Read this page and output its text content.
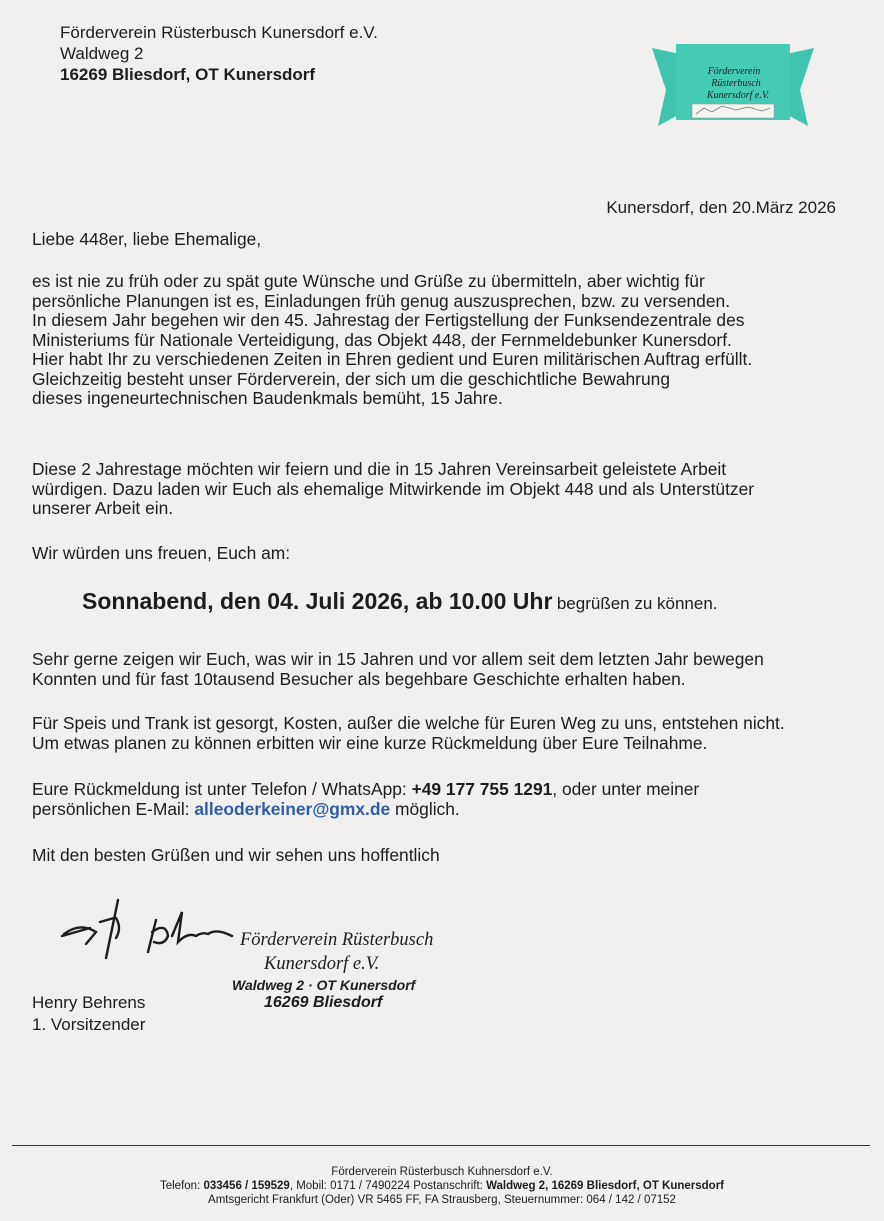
Förderverein Rüsterbusch Kunersdorf e.V.
Waldweg 2
16269 Bliesdorf, OT Kunersdorf	Förderverein
Rüsterbusch
Kunersdorf e.V.
Kunersdorf, den 20.März 2026
Liebe 448er, liebe Ehemalige,

es ist nie zu früh oder zu spät gute Wünsche und Grüße zu übermitteln, aber wichtig für

persönliche Planungen ist es, Einladungen früh genug auszusprechen, bzw. zu versenden.

In diesem Jahr begehen wir den 45. Jahrestag der Fertigstellung der Funksendezentrale des

Ministeriums für Nationale Verteidigung, das Objekt 448, der Fernmeldebunker Kunersdorf.

Hier habt Ihr zu verschiedenen Zeiten in Ehren gedient und Euren militärischen Auftrag erfüllt.

Gleichzeitig besteht unser Förderverein, der sich um die geschichtliche Bewahrung

dieses ingeneurtechnischen Baudenkmals bemüht, 15 Jahre.

Diese 2 Jahrestage möchten wir feiern und die in 15 Jahren Vereinsarbeit geleistete Arbeit

würdigen. Dazu laden wir Euch als ehemalige Mitwirkende im Objekt 448 und als Unterstützer

unserer Arbeit ein.

Wir würden uns freuen, Euch am:
Sonnabend, den 04. Juli 2026, ab 10.00 Uhr begrüßen zu können.

Sehr gerne zeigen wir Euch, was wir in 15 Jahren und vor allem seit dem letzten Jahr bewegen

Konnten und für fast 10tausend Besucher als begehbare Geschichte erhalten haben.

Für Speis und Trank ist gesorgt, Kosten, außer die welche für Euren Weg zu uns, entstehen nicht.

Um etwas planen zu können erbitten wir eine kurze Rückmeldung über Eure Teilnahme.

Eure Rückmeldung ist unter Telefon / WhatsApp: +49 177 755 1291, oder unter meiner

persönlichen E-Mail: alleoderkeiner@gmx.de möglich.

Mit den besten Grüßen und wir sehen uns hoffentlich
Förderverein Rüsterbusch
Kunersdorf e.V.
Waldweg 2 · OT Kunersdorf
16269 Bliesdorf
Henry Behrens
1. Vorsitzender
Förderverein Rüsterbusch Kuhnersdorf e.V.
Telefon: 033456 / 159529, Mobil: 0171 / 7490224 Postanschrift: Waldweg 2, 16269 Bliesdorf, OT Kunersdorf
Amtsgericht Frankfurt (Oder) VR 5465 FF, FA Strausberg, Steuernummer: 064 / 142 / 07152
